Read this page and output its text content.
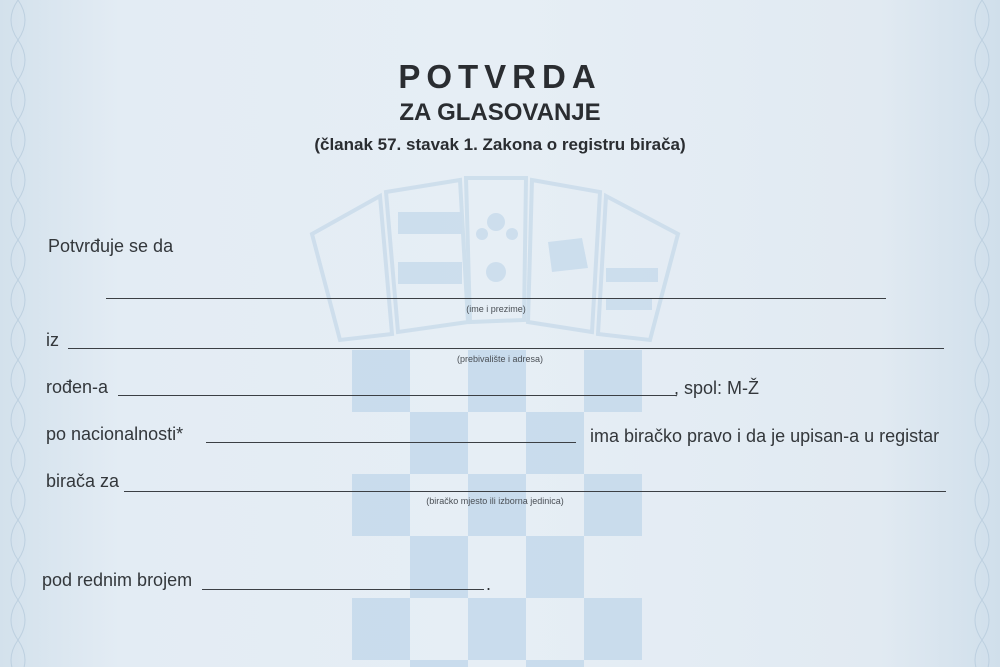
POTVRDA
ZA GLASOVANJE
(članak 57. stavak 1. Zakona o registru birača)
Potvrđuje se da
(ime i prezime)
iz
(prebivalište i adresa)
rođen-a	, spol: M-Ž
po nacionalnosti*	ima biračko pravo i da je upisan-a u registar
birača za
(biračko mjesto ili izborna jedinica)
pod rednim brojem	.
